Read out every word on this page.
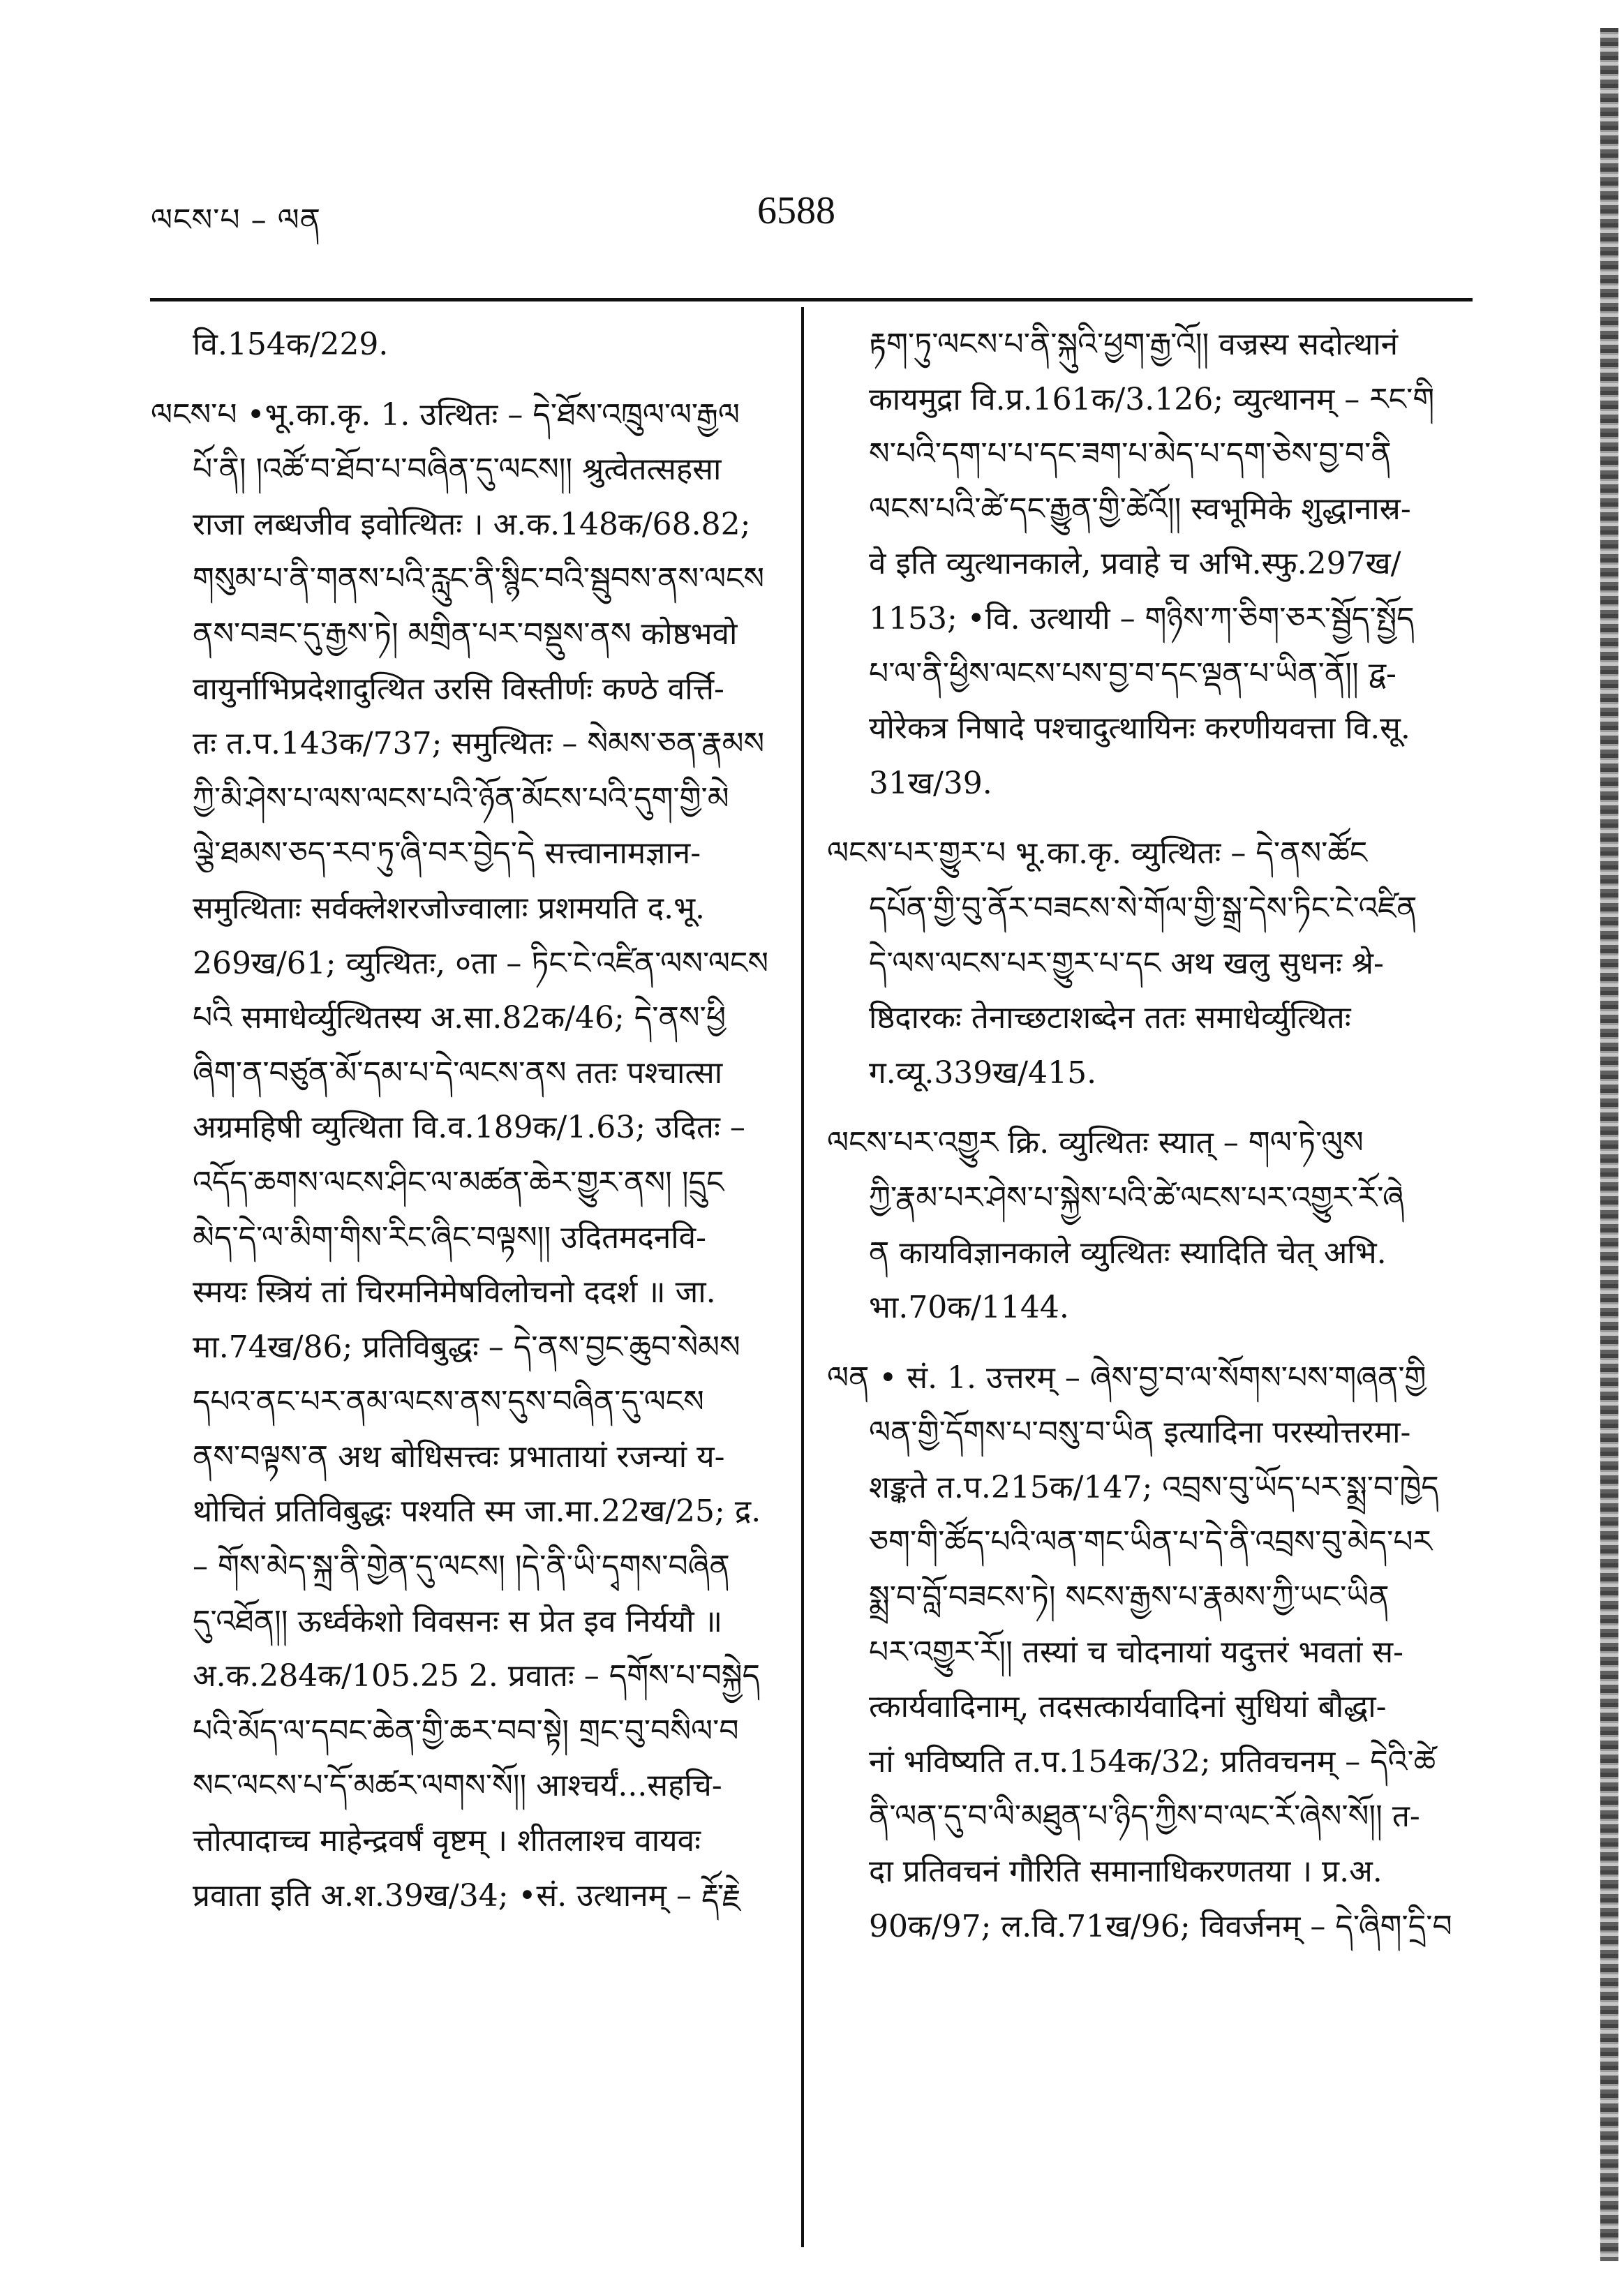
ལངས་པ – ལན	6588
वि.154क/229.
ལངས་པ •भू.का.कृ. 1. उत्थितः – དེ་ཐོས་འཁྲུལ་ལ་རྒྱལ
པོ་ནི། །འཚོ་བ་ཐོབ་པ་བཞིན་དུ་ལངས།། श्रुत्वेतत्सहसा
राजा लब्धजीव इवोत्थितः । अ.क.148क/68.82;
གསུམ་པ་ནི་གནས་པའི་རླུང་ནི་སྙིང་བའི་སྦུབས་ནས་ལངས
ནས་བཟང་དུ་རྒྱས་ཏེ། མགྲིན་པར་བསྡུས་ནས कोष्ठभवो
वायुर्नाभिप्रदेशादुत्थित उरसि विस्तीर्णः कण्ठे वर्त्ति-
तः त.प.143क/737; समुत्थितः – སེམས་ཅན་རྣམས
ཀྱི་མི་ཤེས་པ་ལས་ལངས་པའི་ཉོན་མོངས་པའི་དུག་གྱི་མེ
ལྕེ་ཐམས་ཅད་རབ་ཏུ་ཞི་བར་བྱེད་དེ सत्त्वानामज्ञान-
समुत्थिताः सर्वक्लेशरजोज्वालाः प्रशमयति द.भू.
269ख/61; व्युत्थितः, ०ता – ཏིང་ངེ་འཛིན་ལས་ལངས
པའི समाधेर्व्युत्थितस्य अ.सा.82क/46; དེ་ནས་ཕྱི
ཞིག་ན་བཙུན་མོ་དམ་པ་དེ་ལངས་ནས ततः पश्चात्सा
अग्रमहिषी व्युत्थिता वि.व.189क/1.63; उदितः –
འདོད་ཆགས་ལངས་ཤིང་ལ་མཚན་ཆེར་གྱུར་ནས། །དྲུང
མེད་དེ་ལ་མིག་གིས་རིང་ཞིང་བལྟས།། उदितमदनवि-
स्मयः स्त्रियं तां चिरमनिमेषविलोचनो ददर्श ॥ जा.
मा.74ख/86; प्रतिविबुद्धः – དེ་ནས་བྱང་ཆུབ་སེམས
དཔའ་ནང་པར་ནམ་ལངས་ནས་དུས་བཞིན་དུ་ལངས
ནས་བལྟས་ན अथ बोधिसत्त्वः प्रभातायां रजन्यां य-
थोचितं प्रतिविबुद्धः पश्यति स्म जा.मा.22ख/25; द्र.
– གོས་མེད་སྐྲ་ནི་གྱེན་དུ་ལངས། །དེ་ནི་ཡི་དྭགས་བཞིན
དུ་འཐོན།། ऊर्ध्वकेशो विवसनः स प्रेत इव निर्ययौ ॥
अ.क.284क/105.25 2. प्रवातः – དགོས་པ་བསྐྱེད
པའི་མོད་ལ་དབང་ཆེན་གྱི་ཆར་བབ་སྟེ། གྲང་བུ་བསིལ་བ
སང་ལངས་པ་དོ་མཚར་ལགས་སོ།། आश्चर्यं...सहचि-
त्तोत्पादाच्च माहेन्द्रवर्षं वृष्टम् । शीतलाश्च वायवः
प्रवाता इति अ.श.39ख/34; •सं. उत्थानम् – རྡོ་རྗེ
རྟག་ཏུ་ལངས་པ་ནི་སྐུའི་ཕྱག་རྒྱ་འོ།། वज्रस्य सदोत्थानं
कायमुद्रा वि.प्र.161क/3.126; व्युत्थानम् – རང་གི
ས་པའི་དག་པ་པ་དང་ཟག་པ་མེད་པ་དག་ཅེས་བྱ་བ་ནི
ལངས་པའི་ཚེ་དང་རྒྱུན་གྱི་ཚེའོ།། स्वभूमिके शुद्धानास्र-
वे इति व्युत्थानकाले, प्रवाहे च अभि.स्फु.297ख/
1153; •वि. उत्थायी – གཉིས་ཀ་ཅིག་ཅར་སྦྱོད་སྤྱོད
པ་ལ་ནི་ཕྱིས་ལངས་པས་བྱ་བ་དང་ལྡན་པ་ཡིན་ནོ།། द्व-
योरेकत्र निषादे पश्चादुत्थायिनः करणीयवत्ता वि.सू.
31ख/39.
ལངས་པར་གྱུར་པ भू.का.कृ. व्युत्थितः – དེ་ནས་ཚོང
དཔོན་གྱི་བུ་ནོར་བཟངས་སེ་གོལ་གྱི་སྒྲ་དེས་ཏིང་ངེ་འཛིན
དེ་ལས་ལངས་པར་གྱུར་པ་དང अथ खलु सुधनः श्रे-
ष्ठिदारकः तेनाच्छटाशब्देन ततः समाधेर्व्युत्थितः
ग.व्यू.339ख/415.
ལངས་པར་འགྱུར क्रि. व्युत्थितः स्यात् – གལ་ཏེ་ལུས
ཀྱི་རྣམ་པར་ཤེས་པ་སྐྱེས་པའི་ཚེ་ལངས་པར་འགྱུར་རོ་ཞེ
ན कायविज्ञानकाले व्युत्थितः स्यादिति चेत् अभि.
भा.70क/1144.
ལན • सं. 1. उत्तरम् – ཞེས་བྱ་བ་ལ་སོགས་པས་གཞན་གྱི
ལན་གྱི་དོགས་པ་བསུ་བ་ཡིན इत्यादिना परस्योत्तरमा-
शङ्कते त.प.215क/147; འབྲས་བུ་ཡོད་པར་སྨྲ་བ་ཁྱེད
ཅག་གི་ཚོད་པའི་ལན་གང་ཡིན་པ་དེ་ནི་འབྲས་བུ་མེད་པར
སྨྲ་བ་བློ་བཟངས་ཏེ། སངས་རྒྱས་པ་རྣམས་ཀྱི་ཡང་ཡིན
པར་འགྱུར་རོ།། तस्यां च चोदनायां यदुत्तरं भवतां स-
त्कार्यवादिनाम्, तदसत्कार्यवादिनां सुधियां बौद्धा-
नां भविष्यति त.प.154क/32; प्रतिवचनम् – དེའི་ཚེ
ནི་ལན་དུ་བ་ལི་མཐུན་པ་ཉིད་ཀྱིས་བ་ལང་རོ་ཞེས་སོ།། त-
दा प्रतिवचनं गौरिति समानाधिकरणतया । प्र.अ.
90क/97; ल.वि.71ख/96; विवर्जनम् – དེ་ཞིག་དྲི་བ
